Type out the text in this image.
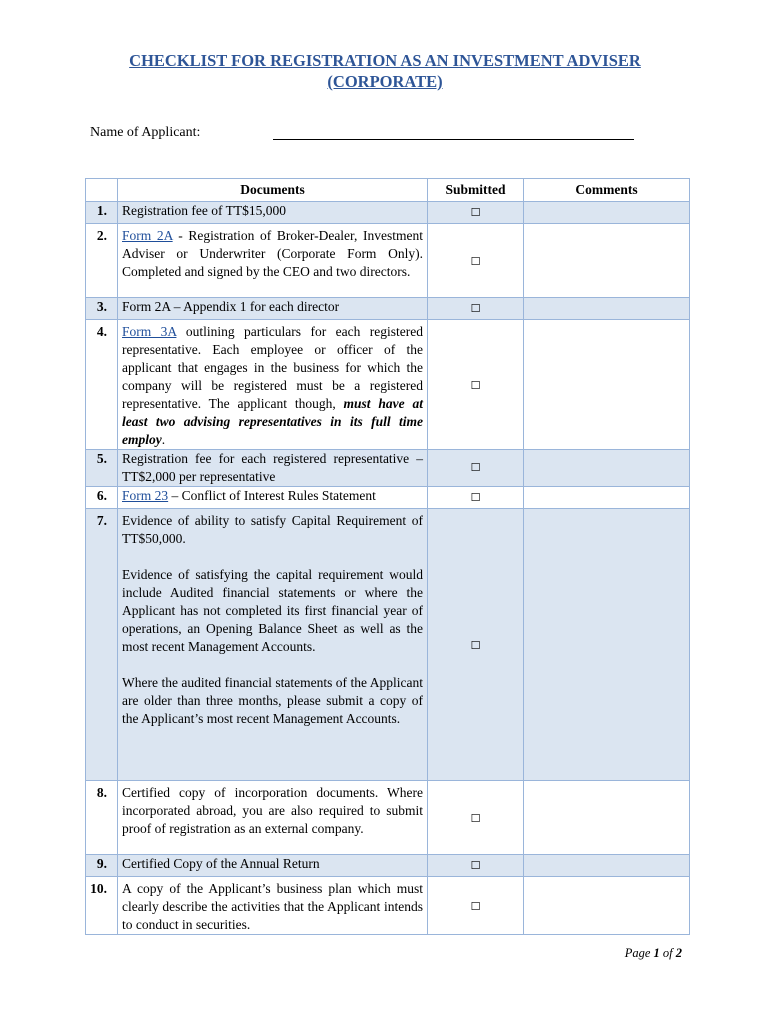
CHECKLIST FOR REGISTRATION AS AN INVESTMENT ADVISER
(CORPORATE)
Name of Applicant:
	Documents	Submitted	Comments
1.	Registration fee of TT$15,000	☐	
2.	Form 2A - Registration of Broker-Dealer, Investment Adviser or Underwriter (Corporate Form Only). Completed and signed by the CEO and two directors.	☐	
3.	Form 2A – Appendix 1 for each director	☐	
4.	Form 3A outlining particulars for each registered representative. Each employee or officer of the applicant that engages in the business for which the company will be registered must be a registered representative. The applicant though, must have at least two advising representatives in its full time employ.	☐	
5.	Registration fee for each registered representative – TT$2,000 per representative	☐	
6.	Form 23 – Conflict of Interest Rules Statement	☐	
7.	Evidence of ability to satisfy Capital Requirement of TT$50,000.
Evidence of satisfying the capital requirement would include Audited financial statements or where the Applicant has not completed its first financial year of operations, an Opening Balance Sheet as well as the most recent Management Accounts.
Where the audited financial statements of the Applicant are older than three months, please submit a copy of the Applicant’s most recent Management Accounts.	☐	
8.	Certified copy of incorporation documents. Where incorporated abroad, you are also required to submit proof of registration as an external company.	☐	
9.	Certified Copy of the Annual Return	☐	
10.	A copy of the Applicant’s business plan which must clearly describe the activities that the Applicant intends to conduct in securities.	☐	
Page 1 of 2
